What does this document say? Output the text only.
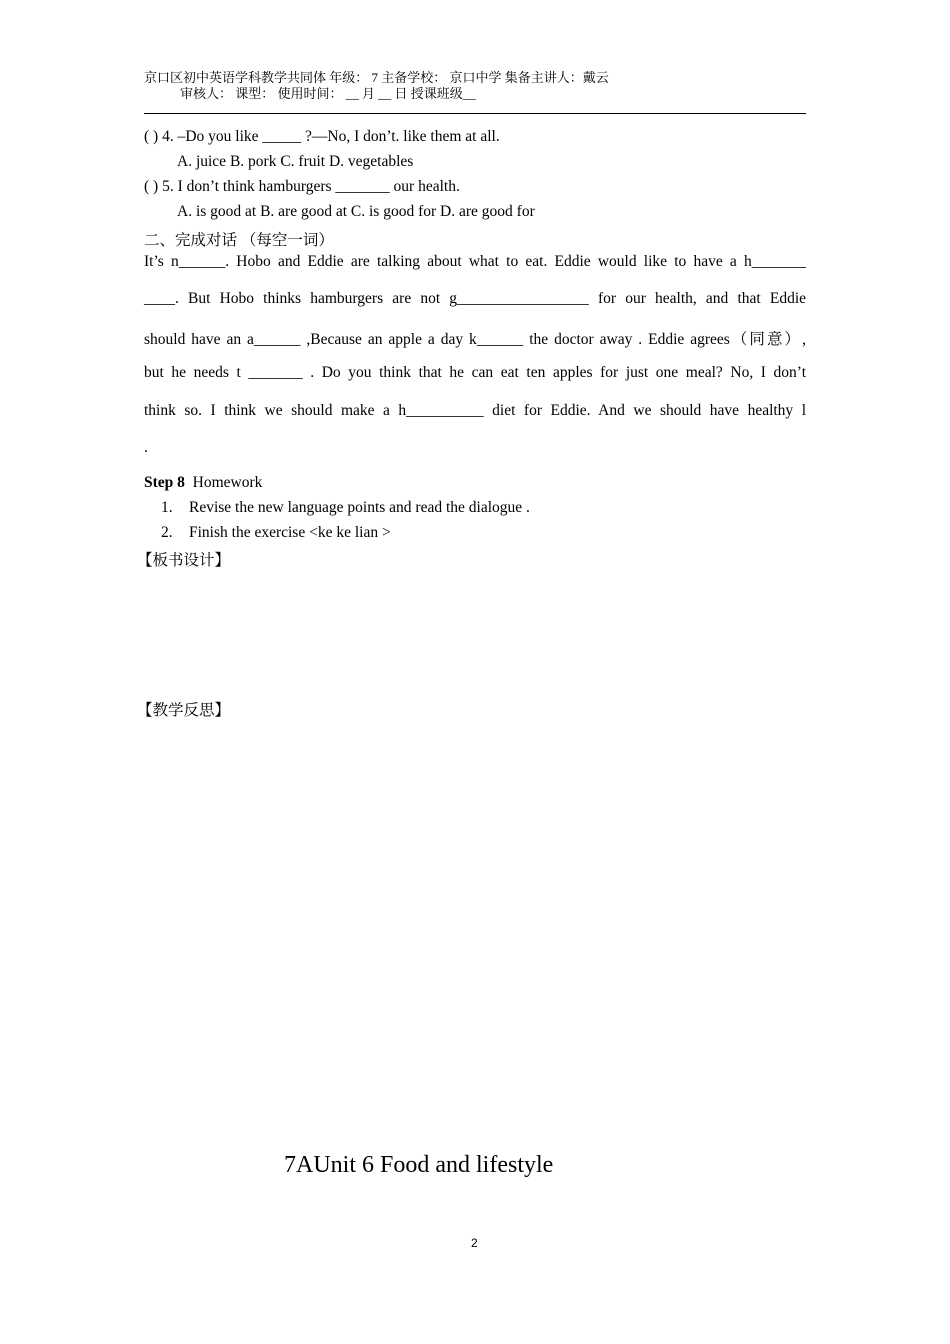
京口区初中英语学科教学共同体 年级： 7 主备学校： 京口中学 集备主讲人：戴云
审核人： 课型： 使用时间： __ 月 __ 日 授课班级__
( ) 4. –Do you like _____ ?—No, I don’t. like them at all.
A. juice B. pork C. fruit D. vegetables
( ) 5. I don’t think hamburgers _______ our health.
A. is good at B. are good at C. is good for D. are good for
二、完成对话 （每空一词）
It’s n______. Hobo and Eddie are talking about what to eat. Eddie would like to have a h_______
____. But Hobo thinks hamburgers are not g_________________ for our health, and that Eddie
should have an a______ ,Because an apple a day k______ the doctor away . Eddie agrees（同意）,
but he needs t _______ . Do you think that he can eat ten apples for just one meal? No, I don’t
think so. I think we should make a h__________ diet for Eddie. And we should have healthy l
.
Step 8 Homework
1. Revise the new language points and read the dialogue .
2. Finish the exercise <ke ke lian >
【板书设计】
【教学反思】
7AUnit 6 Food and lifestyle
2
